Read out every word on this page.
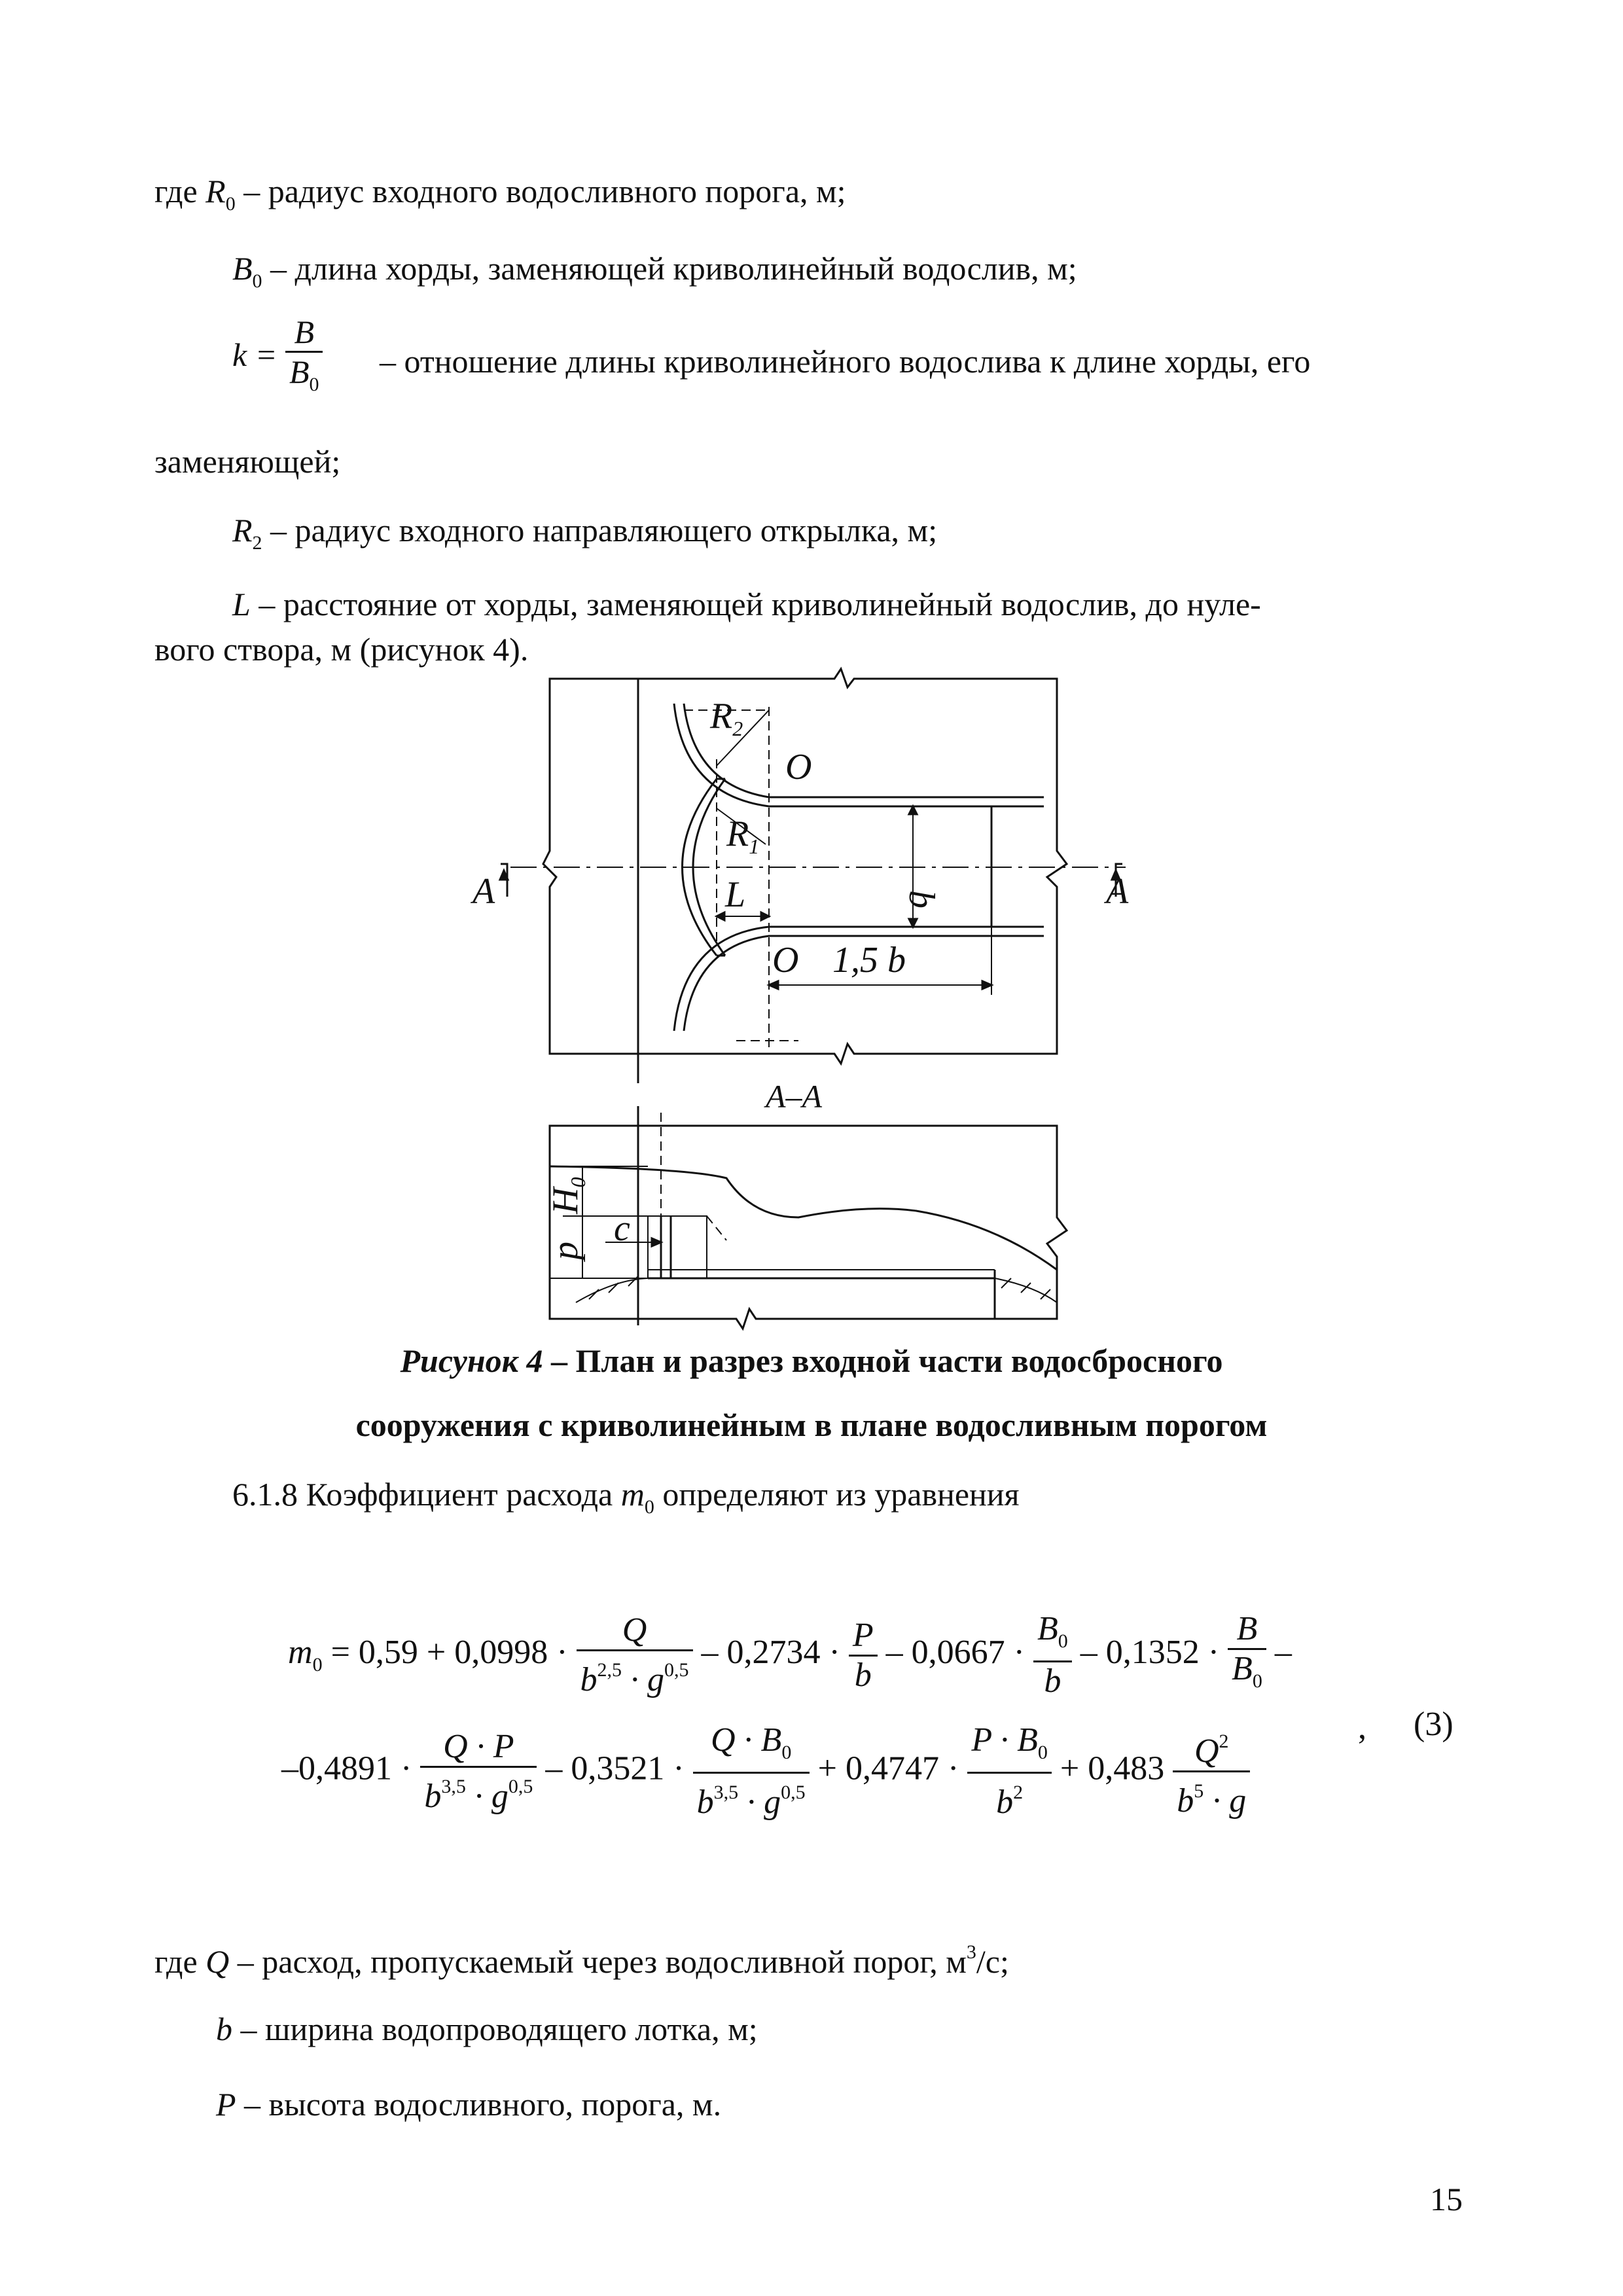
где $R_0$ – радиус входного водосливного порога, м;
$B_0$ – длина хорды, заменяющей криволинейный водослив, м;
$k = \frac{B}{B_0}$ – отношение длины криволинейного водослива к длине хорды, его
заменяющей;
$R_2$ – радиус входного направляющего открылка, м;
L – расстояние от хорды, заменяющей криволинейный водослив, до нуле-
вого створа, м (рисунок 4).
$R_2$
O
$R_1$
A	A
L	b
O 1,5 b
A–A
$H_0$
p
c
Рисунок 4 – План и разрез входной части водосбросного
сооружения с криволинейным в плане водосливным порогом
6.1.8 Коэффициент расхода $m_0$ определяют из уравнения
$m_0 = 0,59 + 0,0998 \cdot \frac{Q}{b^{2,5} \cdot g^{0,5}} - 0,2734 \cdot \frac{P}{b} - 0,0667 \cdot \frac{B_0}{b} - 0,1352 \cdot \frac{B}{B_0}$ –
$-0,4891 \cdot \frac{Q \cdot P}{b^{3,5} \cdot g^{0,5}} - 0,3521 \cdot \frac{Q \cdot B_0}{b^{3,5} \cdot g^{0,5}} + 0,4747 \cdot \frac{P \cdot B_0}{b^2} + 0,483 \frac{Q^2}{b^5 \cdot g}$	, (3)
где Q – расход, пропускаемый через водосливной порог, $м^3/с$;
b – ширина водопроводящего лотка, м;
P – высота водосливного, порога, м.
15
